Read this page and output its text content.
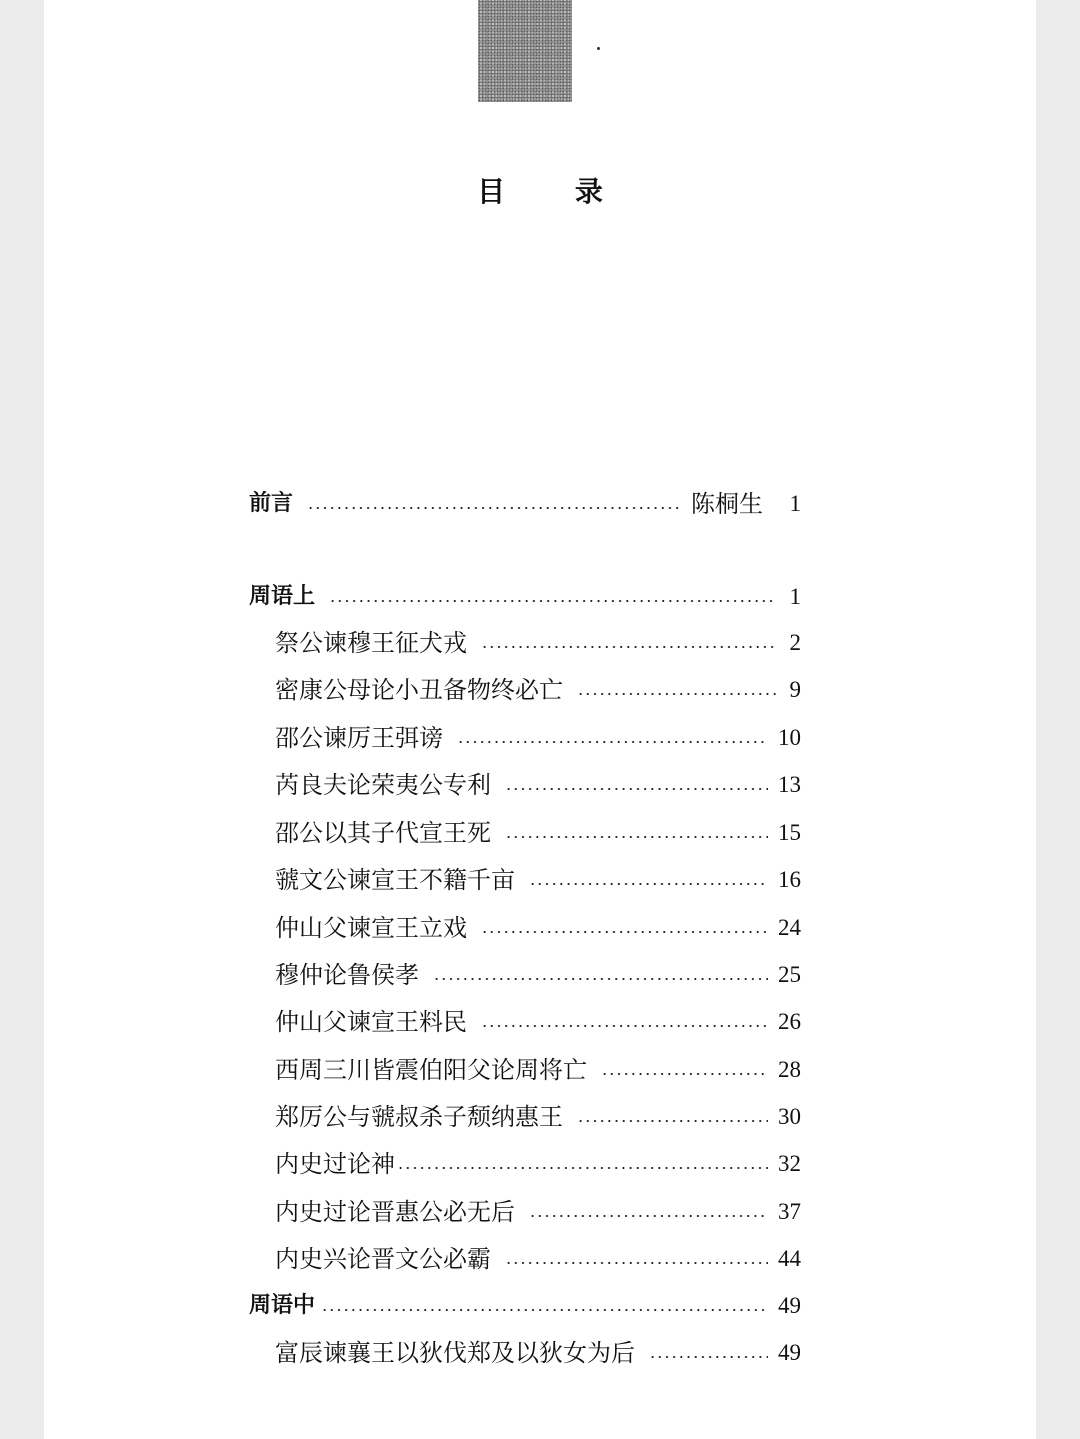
目 录
前言	陈桐生 1
周语上	1
祭公谏穆王征犬戎	2
密康公母论小丑备物终必亡	9
邵公谏厉王弭谤	10
芮良夫论荣夷公专利	13
邵公以其子代宣王死	15
虢文公谏宣王不籍千亩	16
仲山父谏宣王立戏	24
穆仲论鲁侯孝	25
仲山父谏宣王料民	26
西周三川皆震伯阳父论周将亡	28
郑厉公与虢叔杀子颓纳惠王	30
内史过论神	32
内史过论晋惠公必无后	37
内史兴论晋文公必霸	44
周语中	49
富辰谏襄王以狄伐郑及以狄女为后	49
